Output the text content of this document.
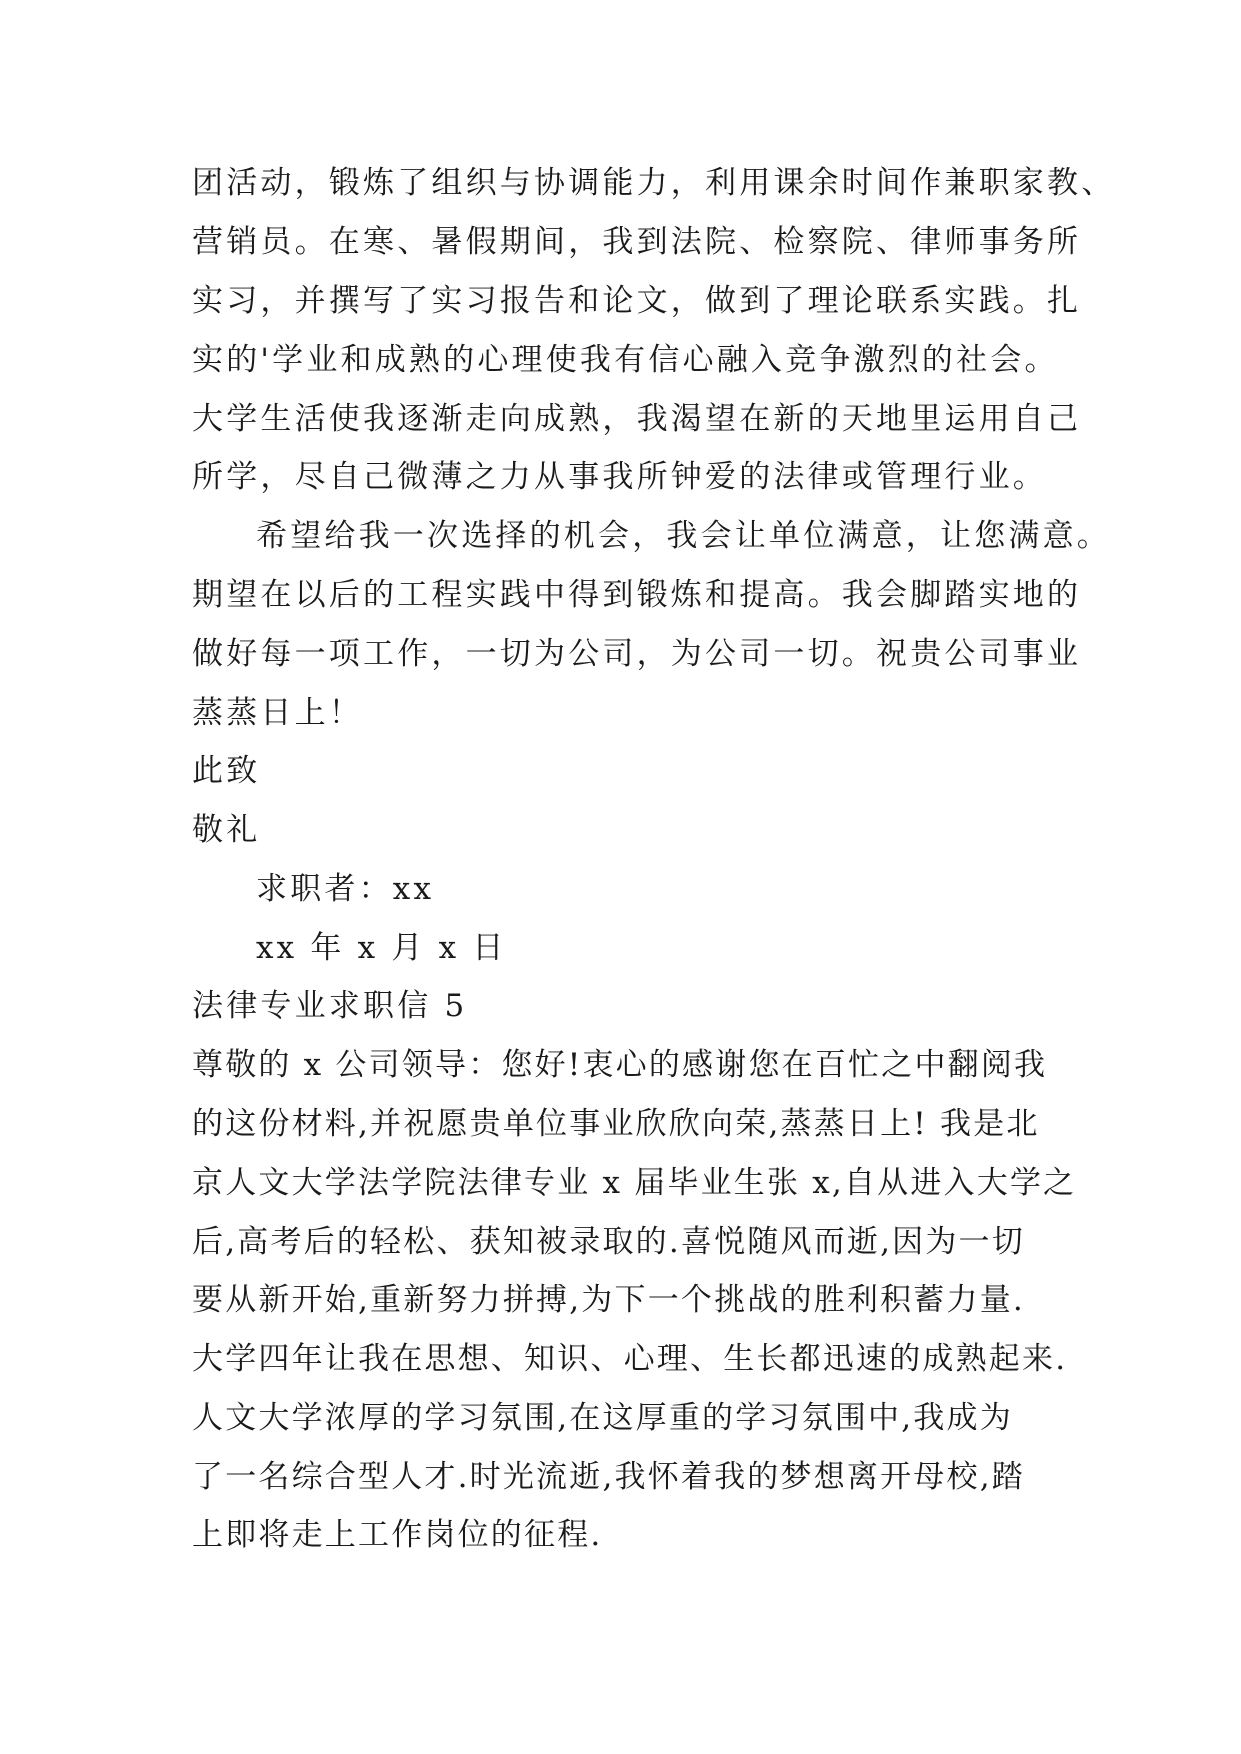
团活动，锻炼了组织与协调能力，利用课余时间作兼职家教、
营销员。在寒、暑假期间，我到法院、检察院、律师事务所
实习，并撰写了实习报告和论文，做到了理论联系实践。扎
实的'学业和成熟的心理使我有信心融入竞争激烈的社会。
大学生活使我逐渐走向成熟，我渴望在新的天地里运用自己
所学，尽自己微薄之力从事我所钟爱的法律或管理行业。
希望给我一次选择的机会，我会让单位满意，让您满意。
期望在以后的工程实践中得到锻炼和提高。我会脚踏实地的
做好每一项工作，一切为公司，为公司一切。祝贵公司事业
蒸蒸日上！
此致
敬礼
求职者：xx
xx 年 x 月 x 日
法律专业求职信 5
尊敬的 x 公司领导：您好!衷心的感谢您在百忙之中翻阅我
的这份材料,并祝愿贵单位事业欣欣向荣,蒸蒸日上! 我是北
京人文大学法学院法律专业 x 届毕业生张 x,自从进入大学之
后,高考后的轻松、获知被录取的.喜悦随风而逝,因为一切
要从新开始,重新努力拼搏,为下一个挑战的胜利积蓄力量.
大学四年让我在思想、知识、心理、生长都迅速的成熟起来.
人文大学浓厚的学习氛围,在这厚重的学习氛围中,我成为
了一名综合型人才.时光流逝,我怀着我的梦想离开母校,踏
上即将走上工作岗位的征程.
